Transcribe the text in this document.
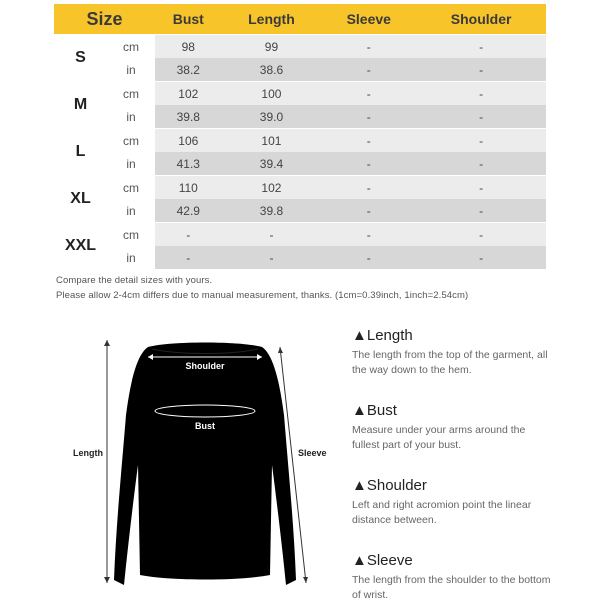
Size		Bust	Length	Sleeve	Shoulder

S	cm	98	99	-	-
	in	38.2	38.6	-	-

M	cm	102	100	-	-
	in	39.8	39.0	-	-

L	cm	106	101	-	-
	in	41.3	39.4	-	-

XL	cm	110	102	-	-
	in	42.9	39.8	-	-

XXL	cm	-	-	-	-
	in	-	-	-	-
Compare the detail sizes with yours.
Please allow 2-4cm differs due to manual measurement, thanks. (1cm=0.39inch, 1inch=2.54cm)
Shoulder
Bust
Length	Sleeve
▲Length
The length from the top of the garment, all the way down to the hem.
▲Bust
Measure under your arms around the fullest part of your bust.
▲Shoulder
Left and right acromion point the linear distance between.
▲Sleeve
The length from the shoulder to the bottom of wrist.
